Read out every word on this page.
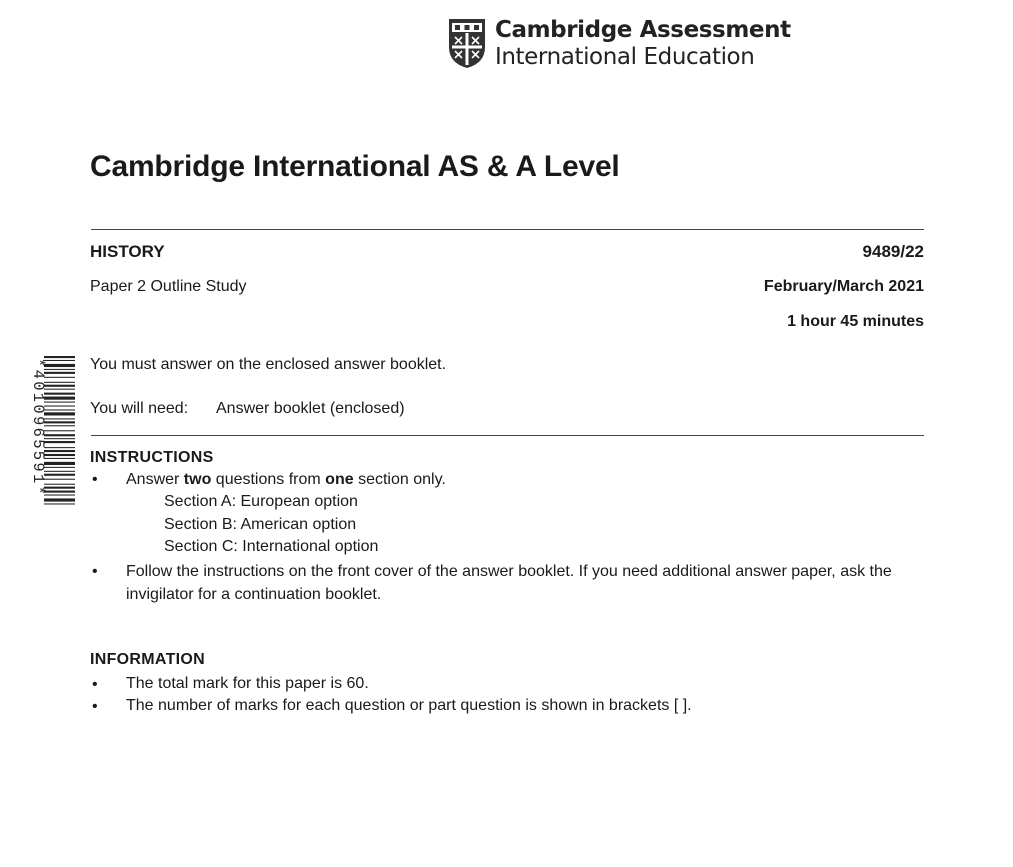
Cambridge Assessment
International Education
Cambridge International AS & A Level
HISTORY	9489/22
Paper 2 Outline Study	February/March 2021
1 hour 45 minutes
*4010965591*	You must answer on the enclosed answer booklet.
You will need: Answer booklet (enclosed)
INSTRUCTIONS
• Answer two questions from one section only.
Section A: European option
Section B: American option
Section C: International option
• Follow the instructions on the front cover of the answer booklet. If you need additional answer paper, ask the invigilator for a continuation booklet.
INFORMATION
• The total mark for this paper is 60.
• The number of marks for each question or part question is shown in brackets [ ].
